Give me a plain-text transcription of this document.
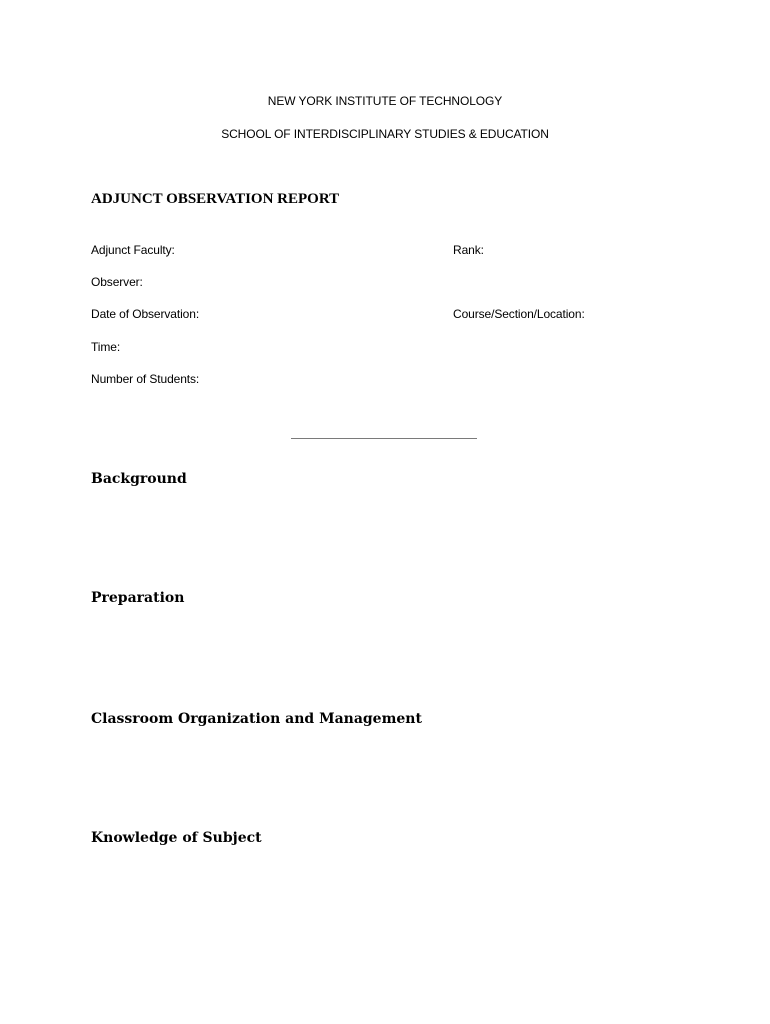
NEW YORK INSTITUTE OF TECHNOLOGY
SCHOOL OF INTERDISCIPLINARY STUDIES & EDUCATION
ADJUNCT OBSERVATION REPORT
Adjunct Faculty:	Rank:
Observer:
Date of Observation:	Course/Section/Location:
Time:
Number of Students:
Background
Preparation
Classroom Organization and Management
Knowledge of Subject
